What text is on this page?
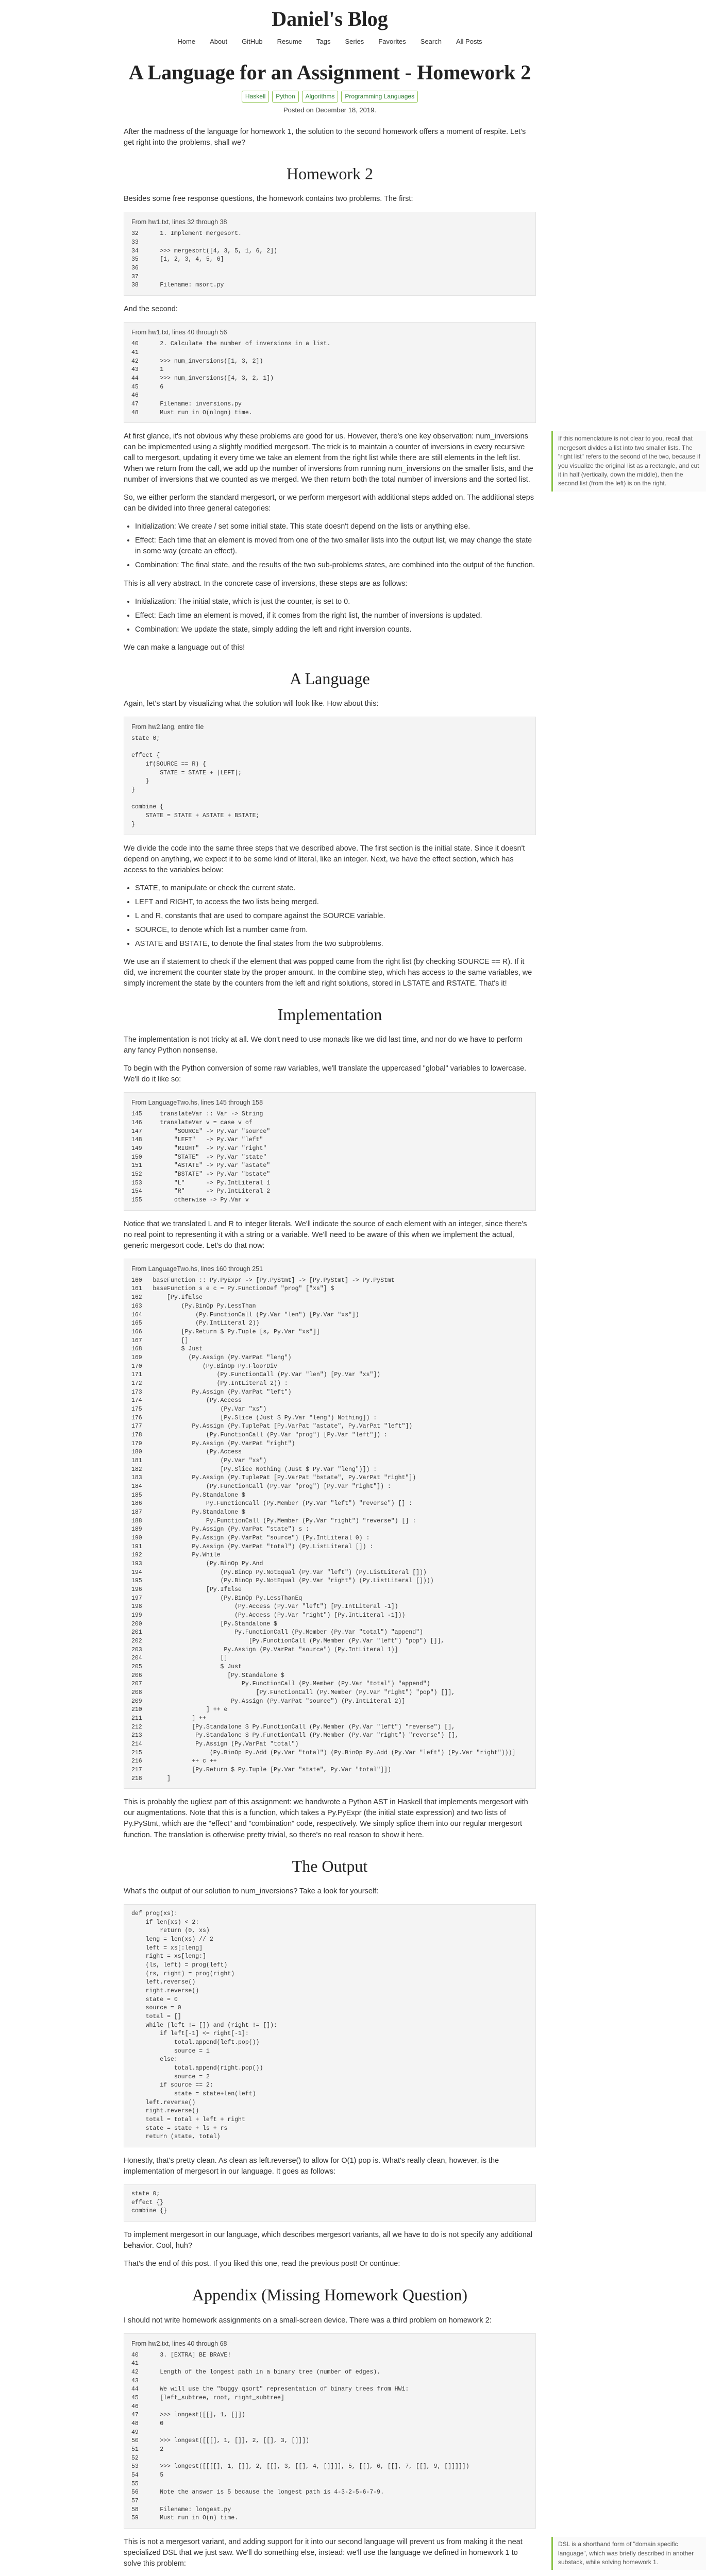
Daniel's Blog
Home About GitHub Resume Tags Series Favorites Search All Posts
A Language for an Assignment - Homework 2
Haskell	Python	Algorithms	Programming Languages
Posted on December 18, 2019.

After the madness of the language for homework 1, the solution to the second homework offers a moment of respite. Let's get right into the problems, shall we?

Homework 2

Besides some free response questions, the homework contains two problems. The first:

From hw1.txt, lines 32 through 38
32      1. Implement mergesort.
33
34      >>> mergesort([4, 3, 5, 1, 6, 2])
35      [1, 2, 3, 4, 5, 6]
36
37
38      Filename: msort.py

And the second:

From hw1.txt, lines 40 through 56
40      2. Calculate the number of inversions in a list.
41
42      >>> num_inversions([1, 3, 2])
43      1
44      >>> num_inversions([4, 3, 2, 1])
45      6
46
47      Filename: inversions.py
48      Must run in O(nlogn) time.
If this nomenclature is not clear to you, recall that mergesort divides a list into two smaller lists. The "right list" refers to the second of the two, because if you visualize the original list as a rectangle, and cut it in half (vertically, down the middle), then the second list (from the left) is on the right.

At first glance, it's not obvious why these problems are good for us. However, there's one key observation: num_inversions can be implemented using a slightly modified mergesort. The trick is to maintain a counter of inversions in every recursive call to mergesort, updating it every time we take an element from the right list while there are still elements in the left list. When we return from the call, we add up the number of inversions from running num_inversions on the smaller lists, and the number of inversions that we counted as we merged. We then return both the total number of inversions and the sorted list.

So, we either perform the standard mergesort, or we perform mergesort with additional steps added on. The additional steps can be divided into three general categories:

• Initialization: We create / set some initial state. This state doesn't depend on the lists or anything else.
• Effect: Each time that an element is moved from one of the two smaller lists into the output list, we may change the state in some way (create an effect).
• Combination: The final state, and the results of the two sub-problems states, are combined into the output of the function.

This is all very abstract. In the concrete case of inversions, these steps are as follows:

• Initialization: The initial state, which is just the counter, is set to 0.
• Effect: Each time an element is moved, if it comes from the right list, the number of inversions is updated.
• Combination: We update the state, simply adding the left and right inversion counts.

We can make a language out of this!

A Language

Again, let's start by visualizing what the solution will look like. How about this:

From hw2.lang, entire file
state 0;

effect {
if(SOURCE == R) {
STATE = STATE + |LEFT|;
}
}

combine {
STATE = STATE + ASTATE + BSTATE;
}

We divide the code into the same three steps that we described above. The first section is the initial state. Since it doesn't depend on anything, we expect it to be some kind of literal, like an integer. Next, we have the effect section, which has access to the variables below:

• STATE, to manipulate or check the current state.
• LEFT and RIGHT, to access the two lists being merged.
• L and R, constants that are used to compare against the SOURCE variable.
• SOURCE, to denote which list a number came from.
• ASTATE and BSTATE, to denote the final states from the two subproblems.

We use an if statement to check if the element that was popped came from the right list (by checking SOURCE == R). If it did, we increment the counter state by the proper amount. In the combine step, which has access to the same variables, we simply increment the state by the counters from the left and right solutions, stored in LSTATE and RSTATE. That's it!

Implementation

The implementation is not tricky at all. We don't need to use monads like we did last time, and nor do we have to perform any fancy Python nonsense.

To begin with the Python conversion of some raw variables, we'll translate the uppercased "global" variables to lowercase. We'll do it like so:

From LanguageTwo.hs, lines 145 through 158
145     translateVar :: Var -> String
146     translateVar v = case v of
147         "SOURCE" -> Py.Var "source"
148         "LEFT"   -> Py.Var "left"
149         "RIGHT"  -> Py.Var "right"
150         "STATE"  -> Py.Var "state"
151         "ASTATE" -> Py.Var "astate"
152         "BSTATE" -> Py.Var "bstate"
153         "L"      -> Py.IntLiteral 1
154         "R"      -> Py.IntLiteral 2
155         otherwise -> Py.Var v

Notice that we translated L and R to integer literals. We'll indicate the source of each element with an integer, since there's no real point to representing it with a string or a variable. We'll need to be aware of this when we implement the actual, generic mergesort code. Let's do that now:

From LanguageTwo.hs, lines 160 through 251
160   baseFunction :: Py.PyExpr -> [Py.PyStmt] -> [Py.PyStmt] -> Py.PyStmt
161   baseFunction s e c = Py.FunctionDef "prog" ["xs"] $
162       [Py.IfElse
163           (Py.BinOp Py.LessThan
164               (Py.FunctionCall (Py.Var "len") [Py.Var "xs"])
165               (Py.IntLiteral 2))
166           [Py.Return $ Py.Tuple [s, Py.Var "xs"]]
167           []
168           $ Just
169             (Py.Assign (Py.VarPat "leng")
170                 (Py.BinOp Py.FloorDiv
171                     (Py.FunctionCall (Py.Var "len") [Py.Var "xs"])
172                     (Py.IntLiteral 2)) :
173              Py.Assign (Py.VarPat "left")
174                  (Py.Access
175                      (Py.Var "xs")
176                      [Py.Slice (Just $ Py.Var "leng") Nothing]) :
177              Py.Assign (Py.TuplePat [Py.VarPat "astate", Py.VarPat "left"])
178                  (Py.FunctionCall (Py.Var "prog") [Py.Var "left"]) :
179              Py.Assign (Py.VarPat "right")
180                  (Py.Access
181                      (Py.Var "xs")
182                      [Py.Slice Nothing (Just $ Py.Var "leng")]) :
183              Py.Assign (Py.TuplePat [Py.VarPat "bstate", Py.VarPat "right"])
184                  (Py.FunctionCall (Py.Var "prog") [Py.Var "right"]) :
185              Py.Standalone $
186                  Py.FunctionCall (Py.Member (Py.Var "left") "reverse") [] :
187              Py.Standalone $
188                  Py.FunctionCall (Py.Member (Py.Var "right") "reverse") [] :
189              Py.Assign (Py.VarPat "state") s :
190              Py.Assign (Py.VarPat "source") (Py.IntLiteral 0) :
191              Py.Assign (Py.VarPat "total") (Py.ListLiteral []) :
192              Py.While
193                  (Py.BinOp Py.And
194                      (Py.BinOp Py.NotEqual (Py.Var "left") (Py.ListLiteral []))
195                      (Py.BinOp Py.NotEqual (Py.Var "right") (Py.ListLiteral [])))
196                  [Py.IfElse
197                      (Py.BinOp Py.LessThanEq
198                          (Py.Access (Py.Var "left") [Py.IntLiteral -1])
199                          (Py.Access (Py.Var "right") [Py.IntLiteral -1]))
200                      [Py.Standalone $
201                          Py.FunctionCall (Py.Member (Py.Var "total") "append")
202                              [Py.FunctionCall (Py.Member (Py.Var "left") "pop") []],
203                       Py.Assign (Py.VarPat "source") (Py.IntLiteral 1)]
204                      []
205                      $ Just
206                        [Py.Standalone $
207                            Py.FunctionCall (Py.Member (Py.Var "total") "append")
208                                [Py.FunctionCall (Py.Member (Py.Var "right") "pop") []],
209                         Py.Assign (Py.VarPat "source") (Py.IntLiteral 2)]
210                  ] ++ e
211              ] ++
212              [Py.Standalone $ Py.FunctionCall (Py.Member (Py.Var "left") "reverse") [],
213               Py.Standalone $ Py.FunctionCall (Py.Member (Py.Var "right") "reverse") [],
214               Py.Assign (Py.VarPat "total")
215                   (Py.BinOp Py.Add (Py.Var "total") (Py.BinOp Py.Add (Py.Var "left") (Py.Var "right")))]
216              ++ c ++
217              [Py.Return $ Py.Tuple [Py.Var "state", Py.Var "total"]])
218       ]

This is probably the ugliest part of this assignment: we handwrote a Python AST in Haskell that implements mergesort with our augmentations. Note that this is a function, which takes a Py.PyExpr (the initial state expression) and two lists of Py.PyStmt, which are the "effect" and "combination" code, respectively. We simply splice them into our regular mergesort function. The translation is otherwise pretty trivial, so there's no real reason to show it here.

The Output

What's the output of our solution to num_inversions? Take a look for yourself:

def prog(xs):
if len(xs) < 2:
return (0, xs)
leng = len(xs) // 2
left = xs[:leng]
right = xs[leng:]
(ls, left) = prog(left)
(rs, right) = prog(right)
left.reverse()
right.reverse()
state = 0
source = 0
total = []
while (left != []) and (right != []):
if left[-1] <= right[-1]:
total.append(left.pop())
source = 1
else:
total.append(right.pop())
source = 2
if source == 2:
state = state+len(left)
left.reverse()
right.reverse()
total = total + left + right
state = state + ls + rs
return (state, total)

Honestly, that's pretty clean. As clean as left.reverse() to allow for O(1) pop is. What's really clean, however, is the implementation of mergesort in our language. It goes as follows:

state 0;
effect {}
combine {}

To implement mergesort in our language, which describes mergesort variants, all we have to do is not specify any additional behavior. Cool, huh?

That's the end of this post. If you liked this one, read the previous post! Or continue:

Appendix (Missing Homework Question)

I should not write homework assignments on a small-screen device. There was a third problem on homework 2:

From hw2.txt, lines 40 through 68
40      3. [EXTRA] BE BRAVE!
41
42      Length of the longest path in a binary tree (number of edges).
43
44      We will use the "buggy qsort" representation of binary trees from HW1:
45      [left_subtree, root, right_subtree]
46
47      >>> longest([[], 1, []])
48      0
49
50      >>> longest([[[], 1, []], 2, [[], 3, []]])
51      2
52
53      >>> longest([[[[], 1, []], 2, [[], 3, [[], 4, []]]], 5, [[], 6, [[], 7, [[], 9, []]]]])
54      5
55
56      Note the answer is 5 because the longest path is 4-3-2-5-6-7-9.
57
58      Filename: longest.py
59      Must run in O(n) time.
DSL is a shorthand form of "domain specific language", which was briefly described in another substack, while solving homework 1.

This is not a mergesort variant, and adding support for it into our second language will prevent us from making it the neat specialized DSL that we just saw. We'll do something else, instead: we'll use the language we defined in homework 1 to solve this problem:
